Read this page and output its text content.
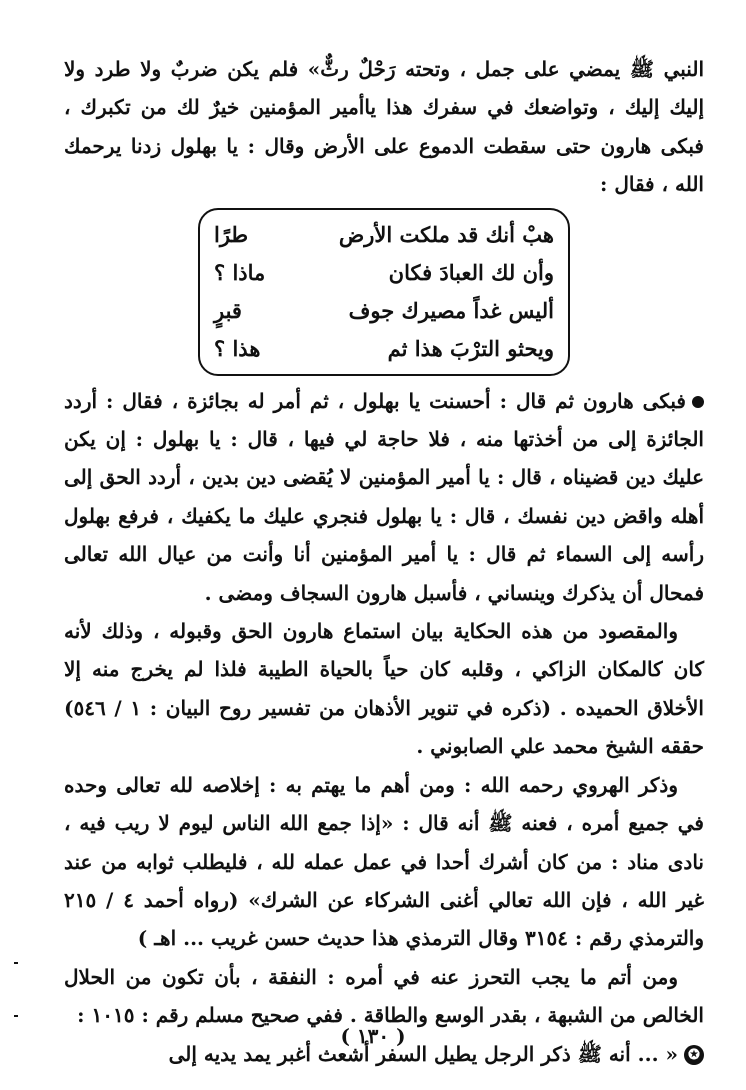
النبي ﷺ يمضي على جمل ، وتحته رَحْلٌ رثٌّ» فلم يكن ضربٌ ولا طرد ولا إليك إليك ، وتواضعك في سفرك هذا ياأمير المؤمنين خيرٌ لك من تكبرك ، فبكى هارون حتى سقطت الدموع على الأرض وقال : يا بهلول زدنا يرحمك الله ، فقال :

هبْ أنك قد ملكت الأرض
طرًا
وأن لك العبادَ فكان
ماذا ؟
أليس غداً مصيرك جوف
قبرٍ
ويحثو الترْبَ هذا ثم
هذا ؟

فبكى هارون ثم قال : أحسنت يا بهلول ، ثم أمر له بجائزة ، فقال : أردد الجائزة إلى من أخذتها منه ، فلا حاجة لي فيها ، قال : يا بهلول : إن يكن عليك دين قضيناه ، قال : يا أمير المؤمنين لا يُقضى دين بدين ، أردد الحق إلى أهله واقض دين نفسك ، قال : يا بهلول فنجري عليك ما يكفيك ، فرفع بهلول رأسه إلى السماء ثم قال : يا أمير المؤمنين أنا وأنت من عيال الله تعالى فمحال أن يذكرك وينساني ، فأسبل هارون السجاف ومضى .

والمقصود من هذه الحكاية بيان استماع هارون الحق وقبوله ، وذلك لأنه كان كالمكان الزاكي ، وقلبه كان حياً بالحياة الطيبة فلذا لم يخرج منه إلا الأخلاق الحميده . (ذكره في تنوير الأذهان من تفسير روح البيان : ١ / ٥٤٦) حققه الشيخ محمد علي الصابوني .

وذكر الهروي رحمه الله : ومن أهم ما يهتم به : إخلاصه لله تعالى وحده في جميع أمره ، فعنه ﷺ أنه قال : «إذا جمع الله الناس ليوم لا ريب فيه ، نادى مناد : من كان أشرك أحدا في عمل عمله لله ، فليطلب ثوابه من عند غير الله ، فإن الله تعالي أغنى الشركاء عن الشرك» (رواه أحمد ٤ / ٢١٥ والترمذي رقم : ٣١٥٤ وقال الترمذي هذا حديث حسن غريب ... اهـ )

ومن أتم ما يجب التحرز عنه في أمره : النفقة ، بأن تكون من الحلال الخالص من الشبهة ، بقدر الوسع والطاقة . ففي صحيح مسلم رقم : ١٠١٥ :

✪« ... أنه ﷺ ذكر الرجل يطيل السفر أشعث أغبر يمد يديه إلى

( ١٣٠ )
